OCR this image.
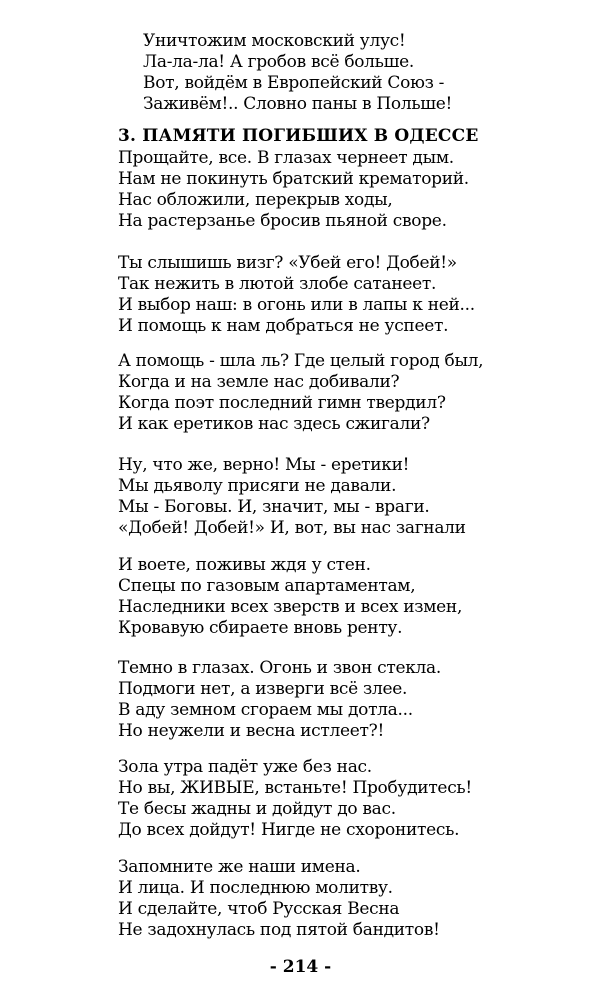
Уничтожим московский улус!
Ла-ла-ла! А гробов всё больше.
Вот, войдём в Европейский Союз -
Заживём!.. Словно паны в Польше!
3. ПАМЯТИ ПОГИБШИХ В ОДЕССЕ
Прощайте, все. В глазах чернеет дым.
Нам не покинуть братский крематорий.
Нас обложили, перекрыв ходы,
На растерзанье бросив пьяной своре.
Ты слышишь визг? «Убей его! Добей!»
Так нежить в лютой злобе сатанеет.
И выбор наш: в огонь или в лапы к ней...
И помощь к нам добраться не успеет.
А помощь - шла ль? Где целый город был,
Когда и на земле нас добивали?
Когда поэт последний гимн твердил?
И как еретиков нас здесь сжигали?
Ну, что же, верно! Мы - еретики!
Мы дьяволу присяги не давали.
Мы - Боговы. И, значит, мы - враги.
«Добей! Добей!» И, вот, вы нас загнали
И воете, поживы ждя у стен.
Спецы по газовым апартаментам,
Наследники всех зверств и всех измен,
Кровавую сбираете вновь ренту.
Темно в глазах. Огонь и звон стекла.
Подмоги нет, а изверги всё злее.
В аду земном сгораем мы дотла...
Но неужели и весна истлеет?!
Зола утра падёт уже без нас.
Но вы, ЖИВЫЕ, встаньте! Пробудитесь!
Те бесы жадны и дойдут до вас.
До всех дойдут! Нигде не схоронитесь.
Запомните же наши имена.
И лица. И последнюю молитву.
И сделайте, чтоб Русская Весна
Не задохнулась под пятой бандитов!
- 214 -
